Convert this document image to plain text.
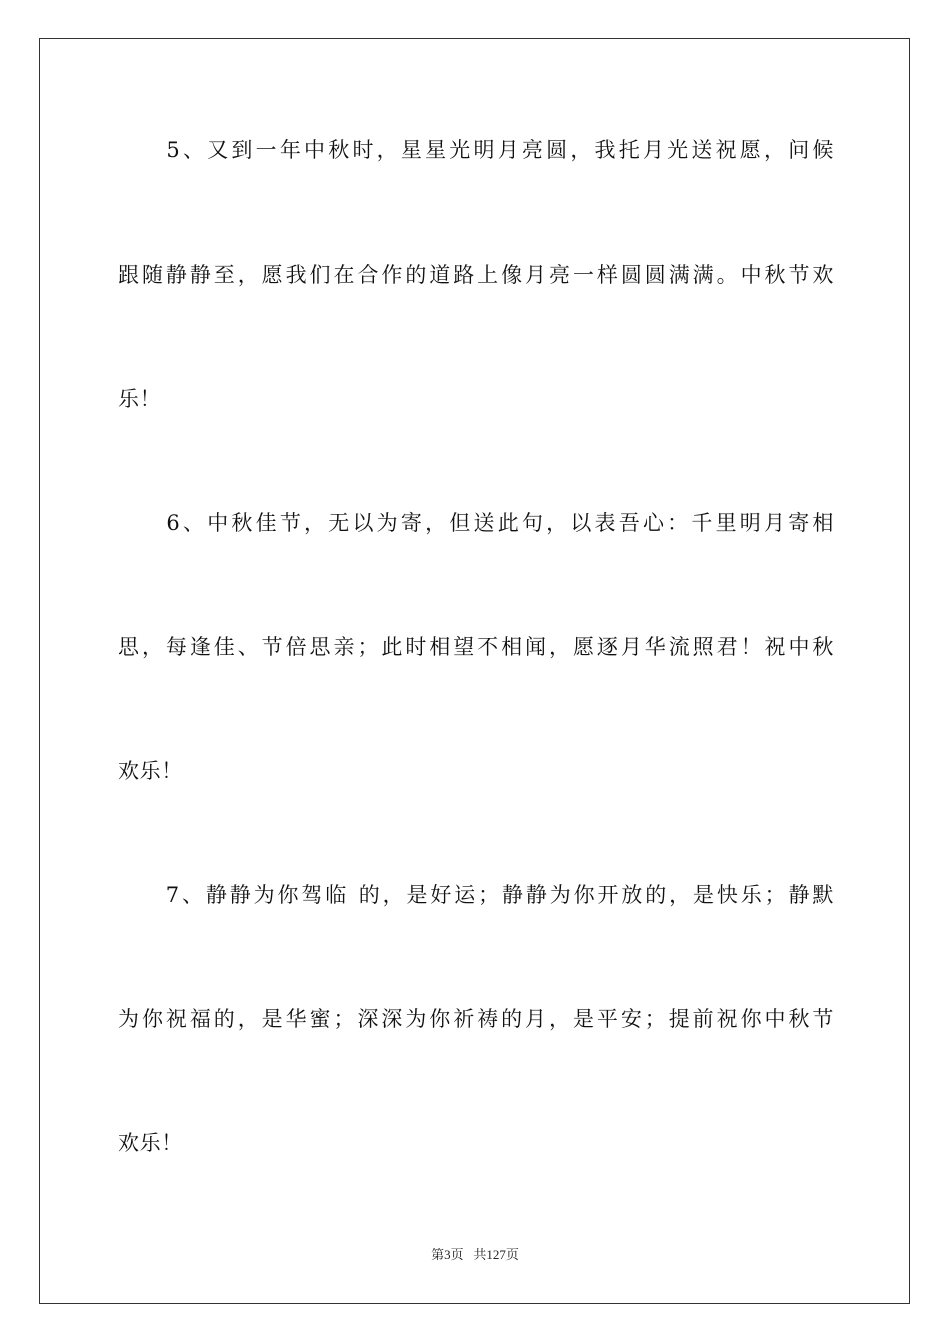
　　5、又到一年中秋时，星星光明月亮圆，我托月光送祝愿，问候
跟随静静至，愿我们在合作的道路上像月亮一样圆圆满满。中秋节欢
乐！
　　6、中秋佳节，无以为寄，但送此句，以表吾心：千里明月寄相
思，每逢佳、节倍思亲；此时相望不相闻，愿逐月华流照君！祝中秋
欢乐！
　　7、静静为你驾临 的，是好运；静静为你开放的，是快乐；静默
为你祝福的，是华蜜；深深为你祈祷的月，是平安；提前祝你中秋节
欢乐！
第3页 共127页
